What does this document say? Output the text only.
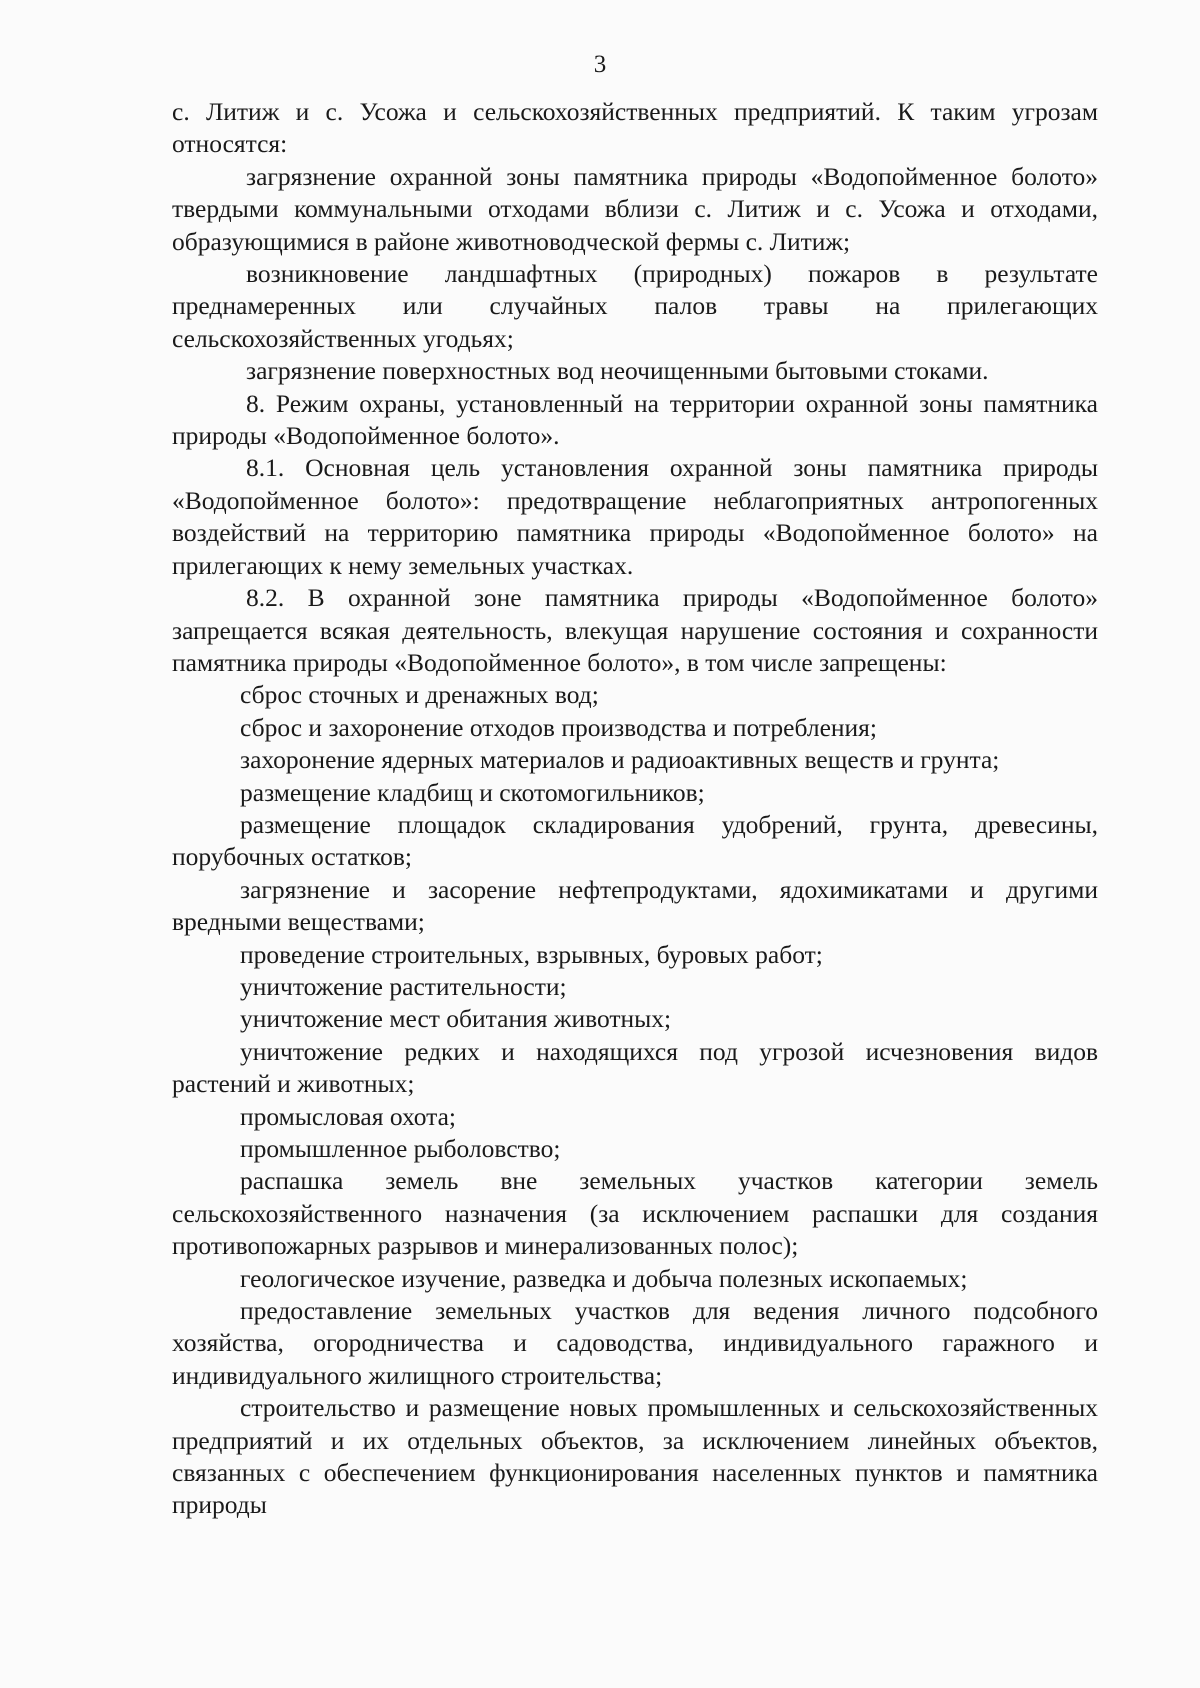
3

с. Литиж и с. Усожа и сельскохозяйственных предприятий. К таким угрозам относятся:

загрязнение охранной зоны памятника природы «Водопойменное болото» твердыми коммунальными отходами вблизи с. Литиж и с. Усожа и отходами, образующимися в районе животноводческой фермы с. Литиж;

возникновение ландшафтных (природных) пожаров в результате преднамеренных или случайных палов травы на прилегающих сельскохозяйственных угодьях;

загрязнение поверхностных вод неочищенными бытовыми стоками.

8. Режим охраны, установленный на территории охранной зоны памятника природы «Водопойменное болото».

8.1. Основная цель установления охранной зоны памятника природы «Водопойменное болото»: предотвращение неблагоприятных антропогенных воздействий на территорию памятника природы «Водопойменное болото» на прилегающих к нему земельных участках.

8.2. В охранной зоне памятника природы «Водопойменное болото» запрещается всякая деятельность, влекущая нарушение состояния и сохранности памятника природы «Водопойменное болото», в том числе запрещены:

сброс сточных и дренажных вод;

сброс и захоронение отходов производства и потребления;

захоронение ядерных материалов и радиоактивных веществ и грунта;

размещение кладбищ и скотомогильников;

размещение площадок складирования удобрений, грунта, древесины, порубочных остатков;

загрязнение и засорение нефтепродуктами, ядохимикатами и другими вредными веществами;

проведение строительных, взрывных, буровых работ;

уничтожение растительности;

уничтожение мест обитания животных;

уничтожение редких и находящихся под угрозой исчезновения видов растений и животных;

промысловая охота;

промышленное рыболовство;

распашка земель вне земельных участков категории земель сельскохозяйственного назначения (за исключением распашки для создания противопожарных разрывов и минерализованных полос);

геологическое изучение, разведка и добыча полезных ископаемых;

предоставление земельных участков для ведения личного подсобного хозяйства, огородничества и садоводства, индивидуального гаражного и индивидуального жилищного строительства;

строительство и размещение новых промышленных и сельскохозяйственных предприятий и их отдельных объектов, за исключением линейных объектов, связанных с обеспечением функционирования населенных пунктов и памятника природы
